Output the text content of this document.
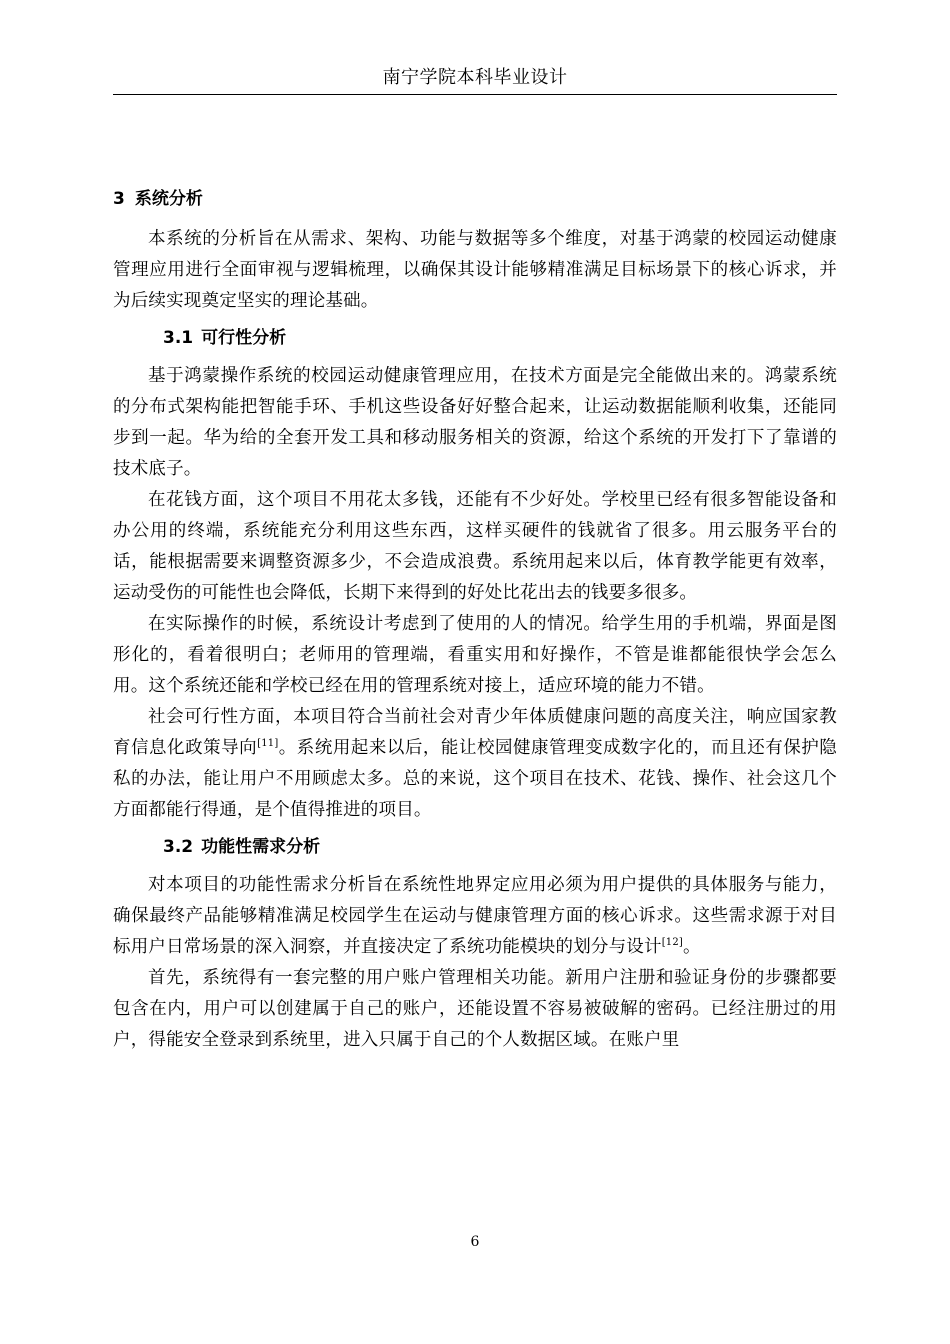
南宁学院本科毕业设计
3 系统分析

本系统的分析旨在从需求、架构、功能与数据等多个维度，对基于鸿蒙的校园运动健康管理应用进行全面审视与逻辑梳理，以确保其设计能够精准满足目标场景下的核心诉求，并为后续实现奠定坚实的理论基础。

3.1 可行性分析

基于鸿蒙操作系统的校园运动健康管理应用，在技术方面是完全能做出来的。鸿蒙系统的分布式架构能把智能手环、手机这些设备好好整合起来，让运动数据能顺利收集，还能同步到一起。华为给的全套开发工具和移动服务相关的资源，给这个系统的开发打下了靠谱的技术底子。

在花钱方面，这个项目不用花太多钱，还能有不少好处。学校里已经有很多智能设备和办公用的终端，系统能充分利用这些东西，这样买硬件的钱就省了很多。用云服务平台的话，能根据需要来调整资源多少，不会造成浪费。系统用起来以后，体育教学能更有效率，运动受伤的可能性也会降低，长期下来得到的好处比花出去的钱要多很多。

在实际操作的时候，系统设计考虑到了使用的人的情况。给学生用的手机端，界面是图形化的，看着很明白；老师用的管理端，看重实用和好操作，不管是谁都能很快学会怎么用。这个系统还能和学校已经在用的管理系统对接上，适应环境的能力不错。

社会可行性方面，本项目符合当前社会对青少年体质健康问题的高度关注，响应国家教育信息化政策导向[11]。系统用起来以后，能让校园健康管理变成数字化的，而且还有保护隐私的办法，能让用户不用顾虑太多。总的来说，这个项目在技术、花钱、操作、社会这几个方面都能行得通，是个值得推进的项目。

3.2 功能性需求分析

对本项目的功能性需求分析旨在系统性地界定应用必须为用户提供的具体服务与能力，确保最终产品能够精准满足校园学生在运动与健康管理方面的核心诉求。这些需求源于对目标用户日常场景的深入洞察，并直接决定了系统功能模块的划分与设计[12]。

首先，系统得有一套完整的用户账户管理相关功能。新用户注册和验证身份的步骤都要包含在内，用户可以创建属于自己的账户，还能设置不容易被破解的密码。已经注册过的用户，得能安全登录到系统里，进入只属于自己的个人数据区域。在账户里

6
